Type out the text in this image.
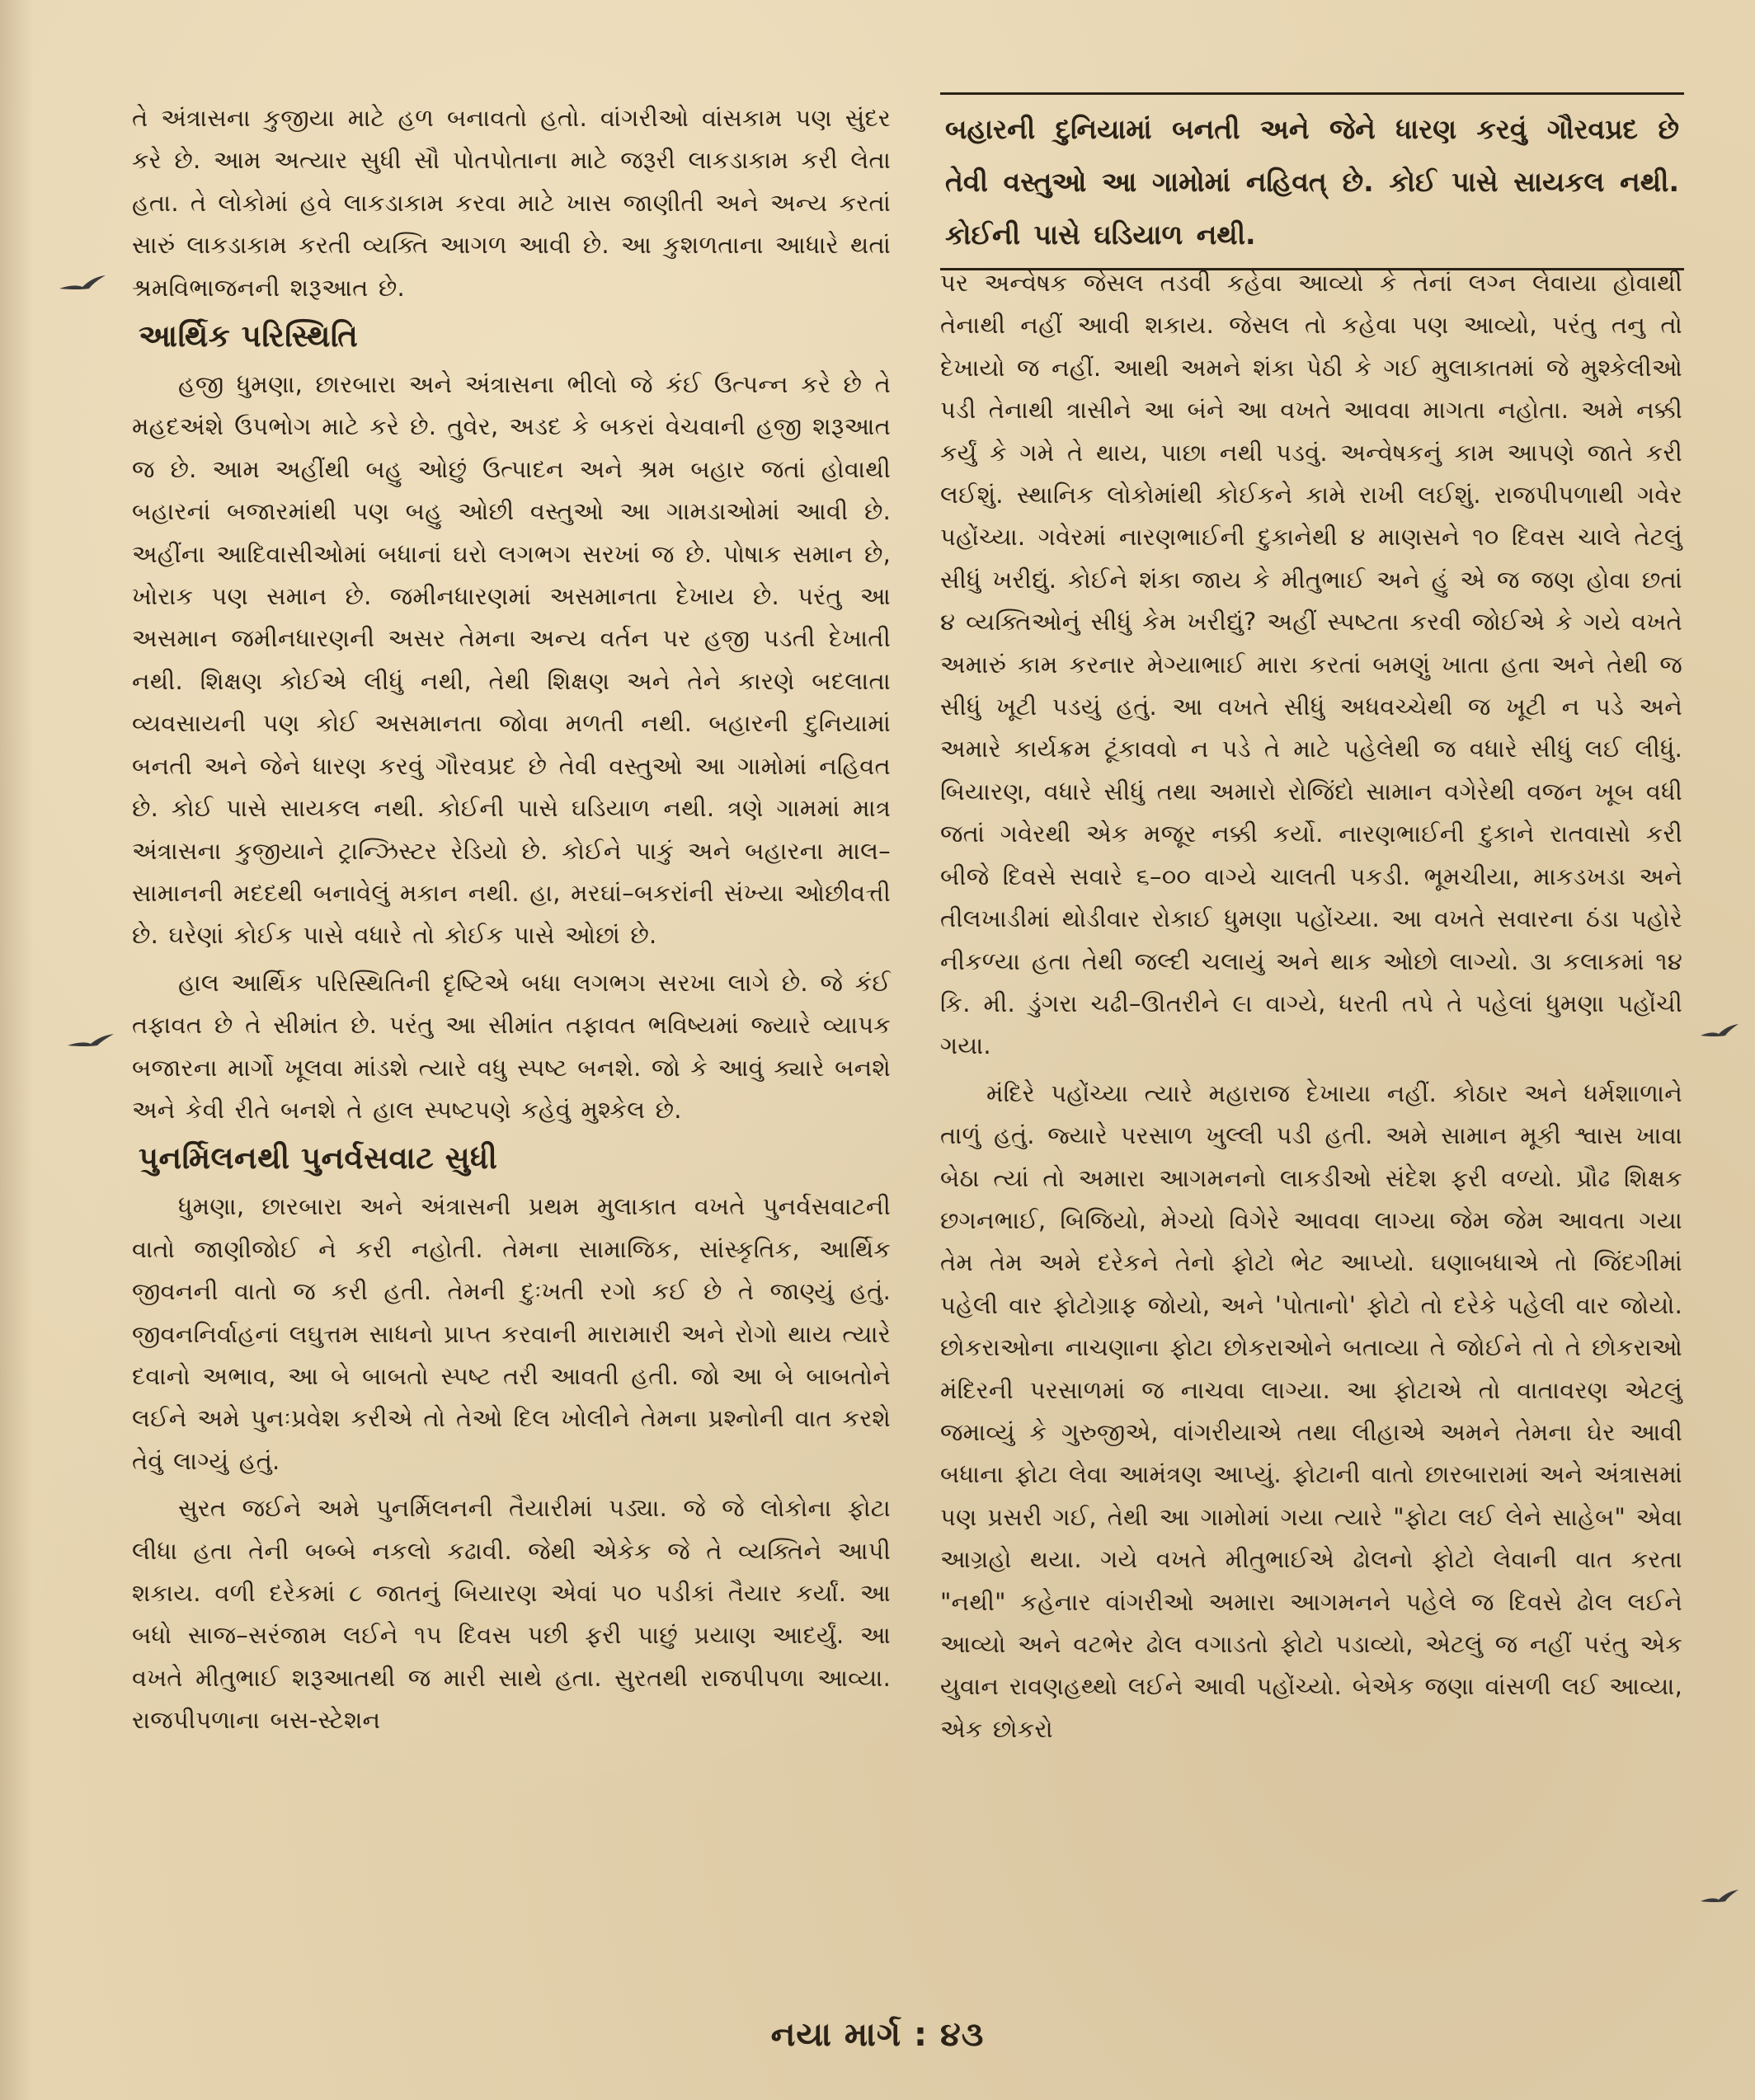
તે અંત્રાસના કુજીયા માટે હળ બનાવતો હતો. વાંગરીઓ વાંસકામ પણ સુંદર કરે છે. આમ અત્યાર સુધી સૌ પોતપોતાના માટે જરૂરી લાકડાકામ કરી લેતા હતા. તે લોકોમાં હવે લાકડાકામ કરવા માટે ખાસ જાણીતી અને અન્ય કરતાં સારું લાકડાકામ કરતી વ્યક્તિ આગળ આવી છે. આ કુશળતાના આધારે થતાં શ્રમવિભાજનની શરૂઆત છે.

આર્થિક પરિસ્થિતિ

હજી ધુમણા, છારબારા અને અંત્રાસના ભીલો જે કંઈ ઉત્પન્ન કરે છે તે મહદઅંશે ઉપભોગ માટે કરે છે. તુવેર, અડદ કે બકરાં વેચવાની હજી શરૂઆત જ છે. આમ અહીંથી બહુ ઓછું ઉત્પાદન અને શ્રમ બહાર જતાં હોવાથી બહારનાં બજારમાંથી પણ બહુ ઓછી વસ્તુઓ આ ગામડાઓમાં આવી છે. અહીંના આદિવાસીઓમાં બધાનાં ઘરો લગભગ સરખાં જ છે. પોષાક સમાન છે, ખોરાક પણ સમાન છે. જમીનધારણમાં અસમાનતા દેખાય છે. પરંતુ આ અસમાન જમીનધારણની અસર તેમના અન્ય વર્તન પર હજી પડતી દેખાતી નથી. શિક્ષણ કોઈએ લીધું નથી, તેથી શિક્ષણ અને તેને કારણે બદલાતા વ્યવસાયની પણ કોઈ અસમાનતા જોવા મળતી નથી. બહારની દુનિયામાં બનતી અને જેને ધારણ કરવું ગૌરવપ્રદ છે તેવી વસ્તુઓ આ ગામોમાં નહિવત છે. કોઈ પાસે સાયકલ નથી. કોઈની પાસે ઘડિયાળ નથી. ત્રણે ગામમાં માત્ર અંત્રાસના કુજીયાને ટ્રાન્ઝિસ્ટર રેડિયો છે. કોઈને પાકું અને બહારના માલ–સામાનની મદદથી બનાવેલું મકાન નથી. હા, મરઘાં–બકરાંની સંખ્યા ઓછીવત્તી છે. ઘરેણાં કોઈક પાસે વધારે તો કોઈક પાસે ઓછાં છે.

હાલ આર્થિક પરિસ્થિતિની દૃષ્ટિએ બધા લગભગ સરખા લાગે છે. જે કંઈ તફાવત છે તે સીમાંત છે. પરંતુ આ સીમાંત તફાવત ભવિષ્યમાં જ્યારે વ્યાપક બજારના માર્ગો ખૂલવા માંડશે ત્યારે વધુ સ્પષ્ટ બનશે. જો કે આવું ક્યારે બનશે અને કેવી રીતે બનશે તે હાલ સ્પષ્ટપણે કહેવું મુશ્કેલ છે.

પુનર્મિલનથી પુનર્વસવાટ સુધી

ધુમણા, છારબારા અને અંત્રાસની પ્રથમ મુલાકાત વખતે પુનર્વસવાટની વાતો જાણીજોઈ ને કરી નહોતી. તેમના સામાજિક, સાંસ્કૃતિક, આર્થિક જીવનની વાતો જ કરી હતી. તેમની દુઃખતી રગો કઈ છે તે જાણ્યું હતું. જીવનનિર્વાહનાં લઘુત્તમ સાધનો પ્રાપ્ત કરવાની મારામારી અને રોગો થાય ત્યારે દવાનો અભાવ, આ બે બાબતો સ્પષ્ટ તરી આવતી હતી. જો આ બે બાબતોને લઈને અમે પુનઃપ્રવેશ કરીએ તો તેઓ દિલ ખોલીને તેમના પ્રશ્નોની વાત કરશે તેવું લાગ્યું હતું.

સુરત જઈને અમે પુનર્મિલનની તૈયારીમાં પડ્યા. જે જે લોકોના ફોટા લીધા હતા તેની બબ્બે નકલો કઢાવી. જેથી એકેક જે તે વ્યક્તિને આપી શકાય. વળી દરેકમાં ૮ જાતનું બિયારણ એવાં ૫૦ પડીકાં તૈયાર કર્યાં. આ બધો સાજ–સરંજામ લઈને ૧૫ દિવસ પછી ફરી પાછું પ્રયાણ આદર્યું. આ વખતે મીતુભાઈ શરૂઆતથી જ મારી સાથે હતા. સુરતથી રાજપીપળા આવ્યા. રાજપીપળાના બસ-સ્ટેશન

બહારની દુનિયામાં બનતી અને જેને ધારણ કરવું ગૌરવપ્રદ છે તેવી વસ્તુઓ આ ગામોમાં નહિવત્ છે. કોઈ પાસે સાયકલ નથી. કોઈની પાસે ઘડિયાળ નથી.

પર અન્વેષક જેસલ તડવી કહેવા આવ્યો કે તેનાં લગ્ન લેવાયા હોવાથી તેનાથી નહીં આવી શકાય. જેસલ તો કહેવા પણ આવ્યો, પરંતુ તનુ તો દેખાયો જ નહીં. આથી અમને શંકા પેઠી કે ગઈ મુલાકાતમાં જે મુશ્કેલીઓ પડી તેનાથી ત્રાસીને આ બંને આ વખતે આવવા માગતા નહોતા. અમે નક્કી કર્યું કે ગમે તે થાય, પાછા નથી પડવું. અન્વેષકનું કામ આપણે જાતે કરી લઈશું. સ્થાનિક લોકોમાંથી કોઈકને કામે રાખી લઈશું. રાજપીપળાથી ગવેર પહોંચ્યા. ગવેરમાં નારણભાઈની દુકાનેથી ૪ માણસને ૧૦ દિવસ ચાલે તેટલું સીધું ખરીદ્યું. કોઈને શંકા જાય કે મીતુભાઈ અને હું એ જ જણ હોવા છતાં ૪ વ્યક્તિઓનું સીધું કેમ ખરીદ્યું? અહીં સ્પષ્ટતા કરવી જોઈએ કે ગયે વખતે અમારું કામ કરનાર મેગ્યાભાઈ મારા કરતાં બમણું ખાતા હતા અને તેથી જ સીધું ખૂટી પડયું હતું. આ વખતે સીધું અધવચ્ચેથી જ ખૂટી ન પડે અને અમારે કાર્યક્રમ ટૂંકાવવો ન પડે તે માટે પહેલેથી જ વધારે સીધું લઈ લીધું. બિયારણ, વધારે સીધું તથા અમારો રોજિંદો સામાન વગેરેથી વજન ખૂબ વધી જતાં ગવેરથી એક મજૂર નક્કી કર્યો. નારણભાઈની દુકાને રાતવાસો કરી બીજે દિવસે સવારે ૬–૦૦ વાગ્યે ચાલતી પકડી. ભૂમચીયા, માકડખડા અને તીલખાડીમાં થોડીવાર રોકાઈ ધુમણા પહોંચ્યા. આ વખતે સવારના ઠંડા પહોરે નીકળ્યા હતા તેથી જલ્દી ચલાયું અને થાક ઓછો લાગ્યો. ૩ા કલાકમાં ૧૪ કિ. મી. ડુંગરા ચઢી–ઊતરીને ૯ા વાગ્યે, ધરતી તપે તે પહેલાં ધુમણા પહોંચી ગયા.

મંદિરે પહોંચ્યા ત્યારે મહારાજ દેખાયા નહીં. કોઠાર અને ધર્મશાળાને તાળું હતું. જ્યારે પરસાળ ખુલ્લી પડી હતી. અમે સામાન મૂકી શ્વાસ ખાવા બેઠા ત્યાં તો અમારા આગમનનો લાકડીઓ સંદેશ ફરી વળ્યો. પ્રૌઢ શિક્ષક છગનભાઈ, બિજિયો, મેગ્યો વિગેરે આવવા લાગ્યા જેમ જેમ આવતા ગયા તેમ તેમ અમે દરેકને તેનો ફોટો ભેટ આપ્યો. ઘણાબધાએ તો જિંદગીમાં પહેલી વાર ફોટોગ્રાફ જોયો, અને 'પોતાનો' ફોટો તો દરેકે પહેલી વાર જોયો. છોકરાઓના નાચણાના ફોટા છોકરાઓને બતાવ્યા તે જોઈને તો તે છોકરાઓ મંદિરની પરસાળમાં જ નાચવા લાગ્યા. આ ફોટાએ તો વાતાવરણ એટલું જમાવ્યું કે ગુરુજીએ, વાંગરીયાએ તથા લીહાએ અમને તેમના ઘેર આવી બધાના ફોટા લેવા આમંત્રણ આપ્યું. ફોટાની વાતો છારબારામાં અને અંત્રાસમાં પણ પ્રસરી ગઈ, તેથી આ ગામોમાં ગયા ત્યારે "ફોટા લઈ લેને સાહેબ" એવા આગ્રહો થયા. ગયે વખતે મીતુભાઈએ ઢોલનો ફોટો લેવાની વાત કરતા "નથી" કહેનાર વાંગરીઓ અમારા આગમનને પહેલે જ દિવસે ઢોલ લઈને આવ્યો અને વટભેર ઢોલ વગાડતો ફોટો પડાવ્યો, એટલું જ નહીં પરંતુ એક યુવાન રાવણહથ્થો લઈને આવી પહોંચ્યો. બેએક જણા વાંસળી લઈ આવ્યા, એક છોકરો

નયા માર્ગ : ૪૩
